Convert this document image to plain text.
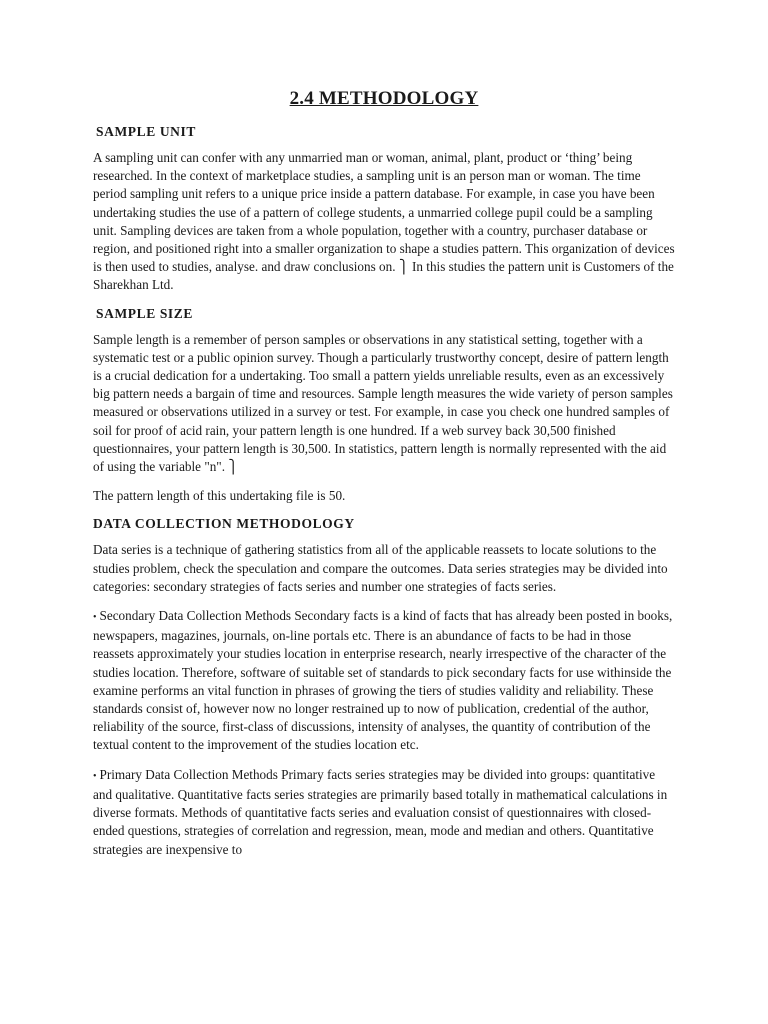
2.4 METHODOLOGY
SAMPLE UNIT

A sampling unit can confer with any unmarried man or woman, animal, plant, product or ‘thing’ being researched. In the context of marketplace studies, a sampling unit is an person man or woman. The time period sampling unit refers to a unique price inside a pattern database. For example, in case you have been undertaking studies the use of a pattern of college students, a unmarried college pupil could be a sampling unit. Sampling devices are taken from a whole population, together with a country, purchaser database or region, and positioned right into a smaller organization to shape a studies pattern. This organization of devices is then used to studies, analyse. and draw conclusions on. ⎫ In this studies the pattern unit is Customers of the Sharekhan Ltd.

SAMPLE SIZE

Sample length is a remember of person samples or observations in any statistical setting, together with a systematic test or a public opinion survey. Though a particularly trustworthy concept, desire of pattern length is a crucial dedication for a undertaking. Too small a pattern yields unreliable results, even as an excessively big pattern needs a bargain of time and resources. Sample length measures the wide variety of person samples measured or observations utilized in a survey or test. For example, in case you check one hundred samples of soil for proof of acid rain, your pattern length is one hundred. If a web survey back 30,500 finished questionnaires, your pattern length is 30,500. In statistics, pattern length is normally represented with the aid of using the variable "n". ⎫

The pattern length of this undertaking file is 50.

DATA COLLECTION METHODOLOGY

Data series is a technique of gathering statistics from all of the applicable reassets to locate solutions to the studies problem, check the speculation and compare the outcomes. Data series strategies may be divided into categories: secondary strategies of facts series and number one strategies of facts series.

• Secondary Data Collection Methods Secondary facts is a kind of facts that has already been posted in books, newspapers, magazines, journals, on-line portals etc. There is an abundance of facts to be had in those reassets approximately your studies location in enterprise research, nearly irrespective of the character of the studies location. Therefore, software of suitable set of standards to pick secondary facts for use withinside the examine performs an vital function in phrases of growing the tiers of studies validity and reliability. These standards consist of, however now no longer restrained up to now of publication, credential of the author, reliability of the source, first-class of discussions, intensity of analyses, the quantity of contribution of the textual content to the improvement of the studies location etc.

• Primary Data Collection Methods Primary facts series strategies may be divided into groups: quantitative and qualitative. Quantitative facts series strategies are primarily based totally in mathematical calculations in diverse formats. Methods of quantitative facts series and evaluation consist of questionnaires with closed-ended questions, strategies of correlation and regression, mean, mode and median and others. Quantitative strategies are inexpensive to
